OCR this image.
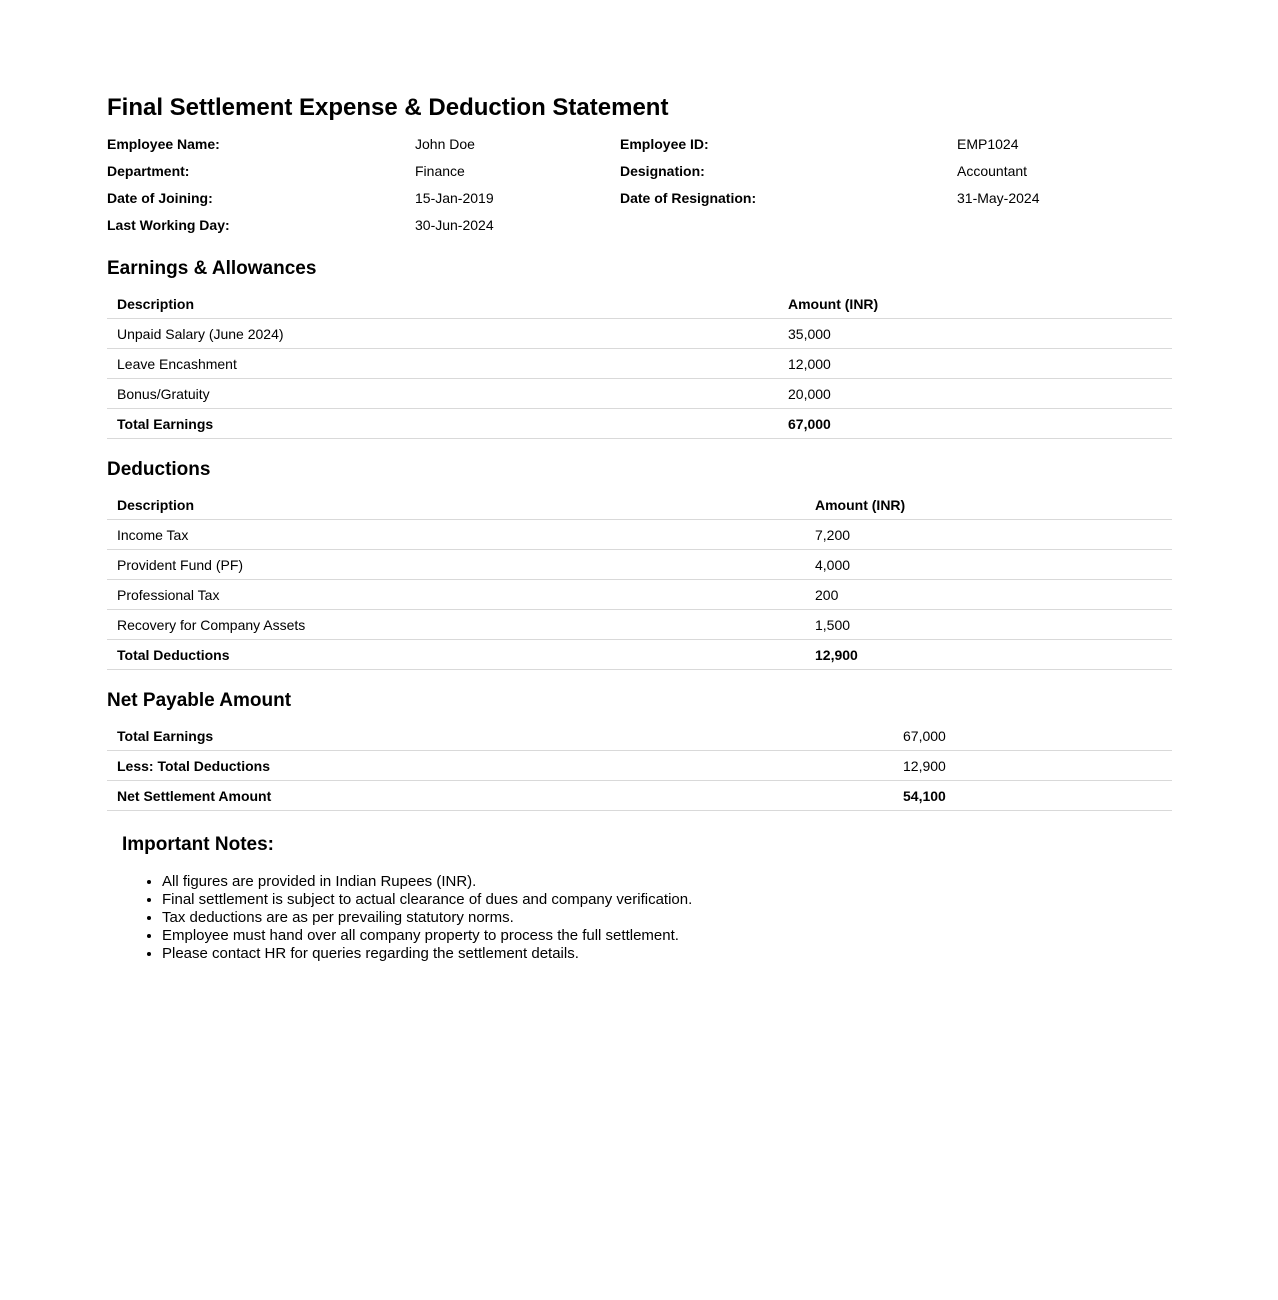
Final Settlement Expense & Deduction Statement
Employee Name:	John Doe	Employee ID:	EMP1024
Department:	Finance	Designation:	Accountant
Date of Joining:	15-Jan-2019	Date of Resignation:	31-May-2024
Last Working Day:	30-Jun-2024		
Earnings & Allowances
Description	Amount (INR)
Unpaid Salary (June 2024)	35,000
Leave Encashment	12,000
Bonus/Gratuity	20,000
Total Earnings	67,000
Deductions
Description	Amount (INR)
Income Tax	7,200
Provident Fund (PF)	4,000
Professional Tax	200
Recovery for Company Assets	1,500
Total Deductions	12,900
Net Payable Amount
Total Earnings	67,000
Less: Total Deductions	12,900
Net Settlement Amount	54,100
Important Notes:
• All figures are provided in Indian Rupees (INR).
• Final settlement is subject to actual clearance of dues and company verification.
• Tax deductions are as per prevailing statutory norms.
• Employee must hand over all company property to process the full settlement.
• Please contact HR for queries regarding the settlement details.
